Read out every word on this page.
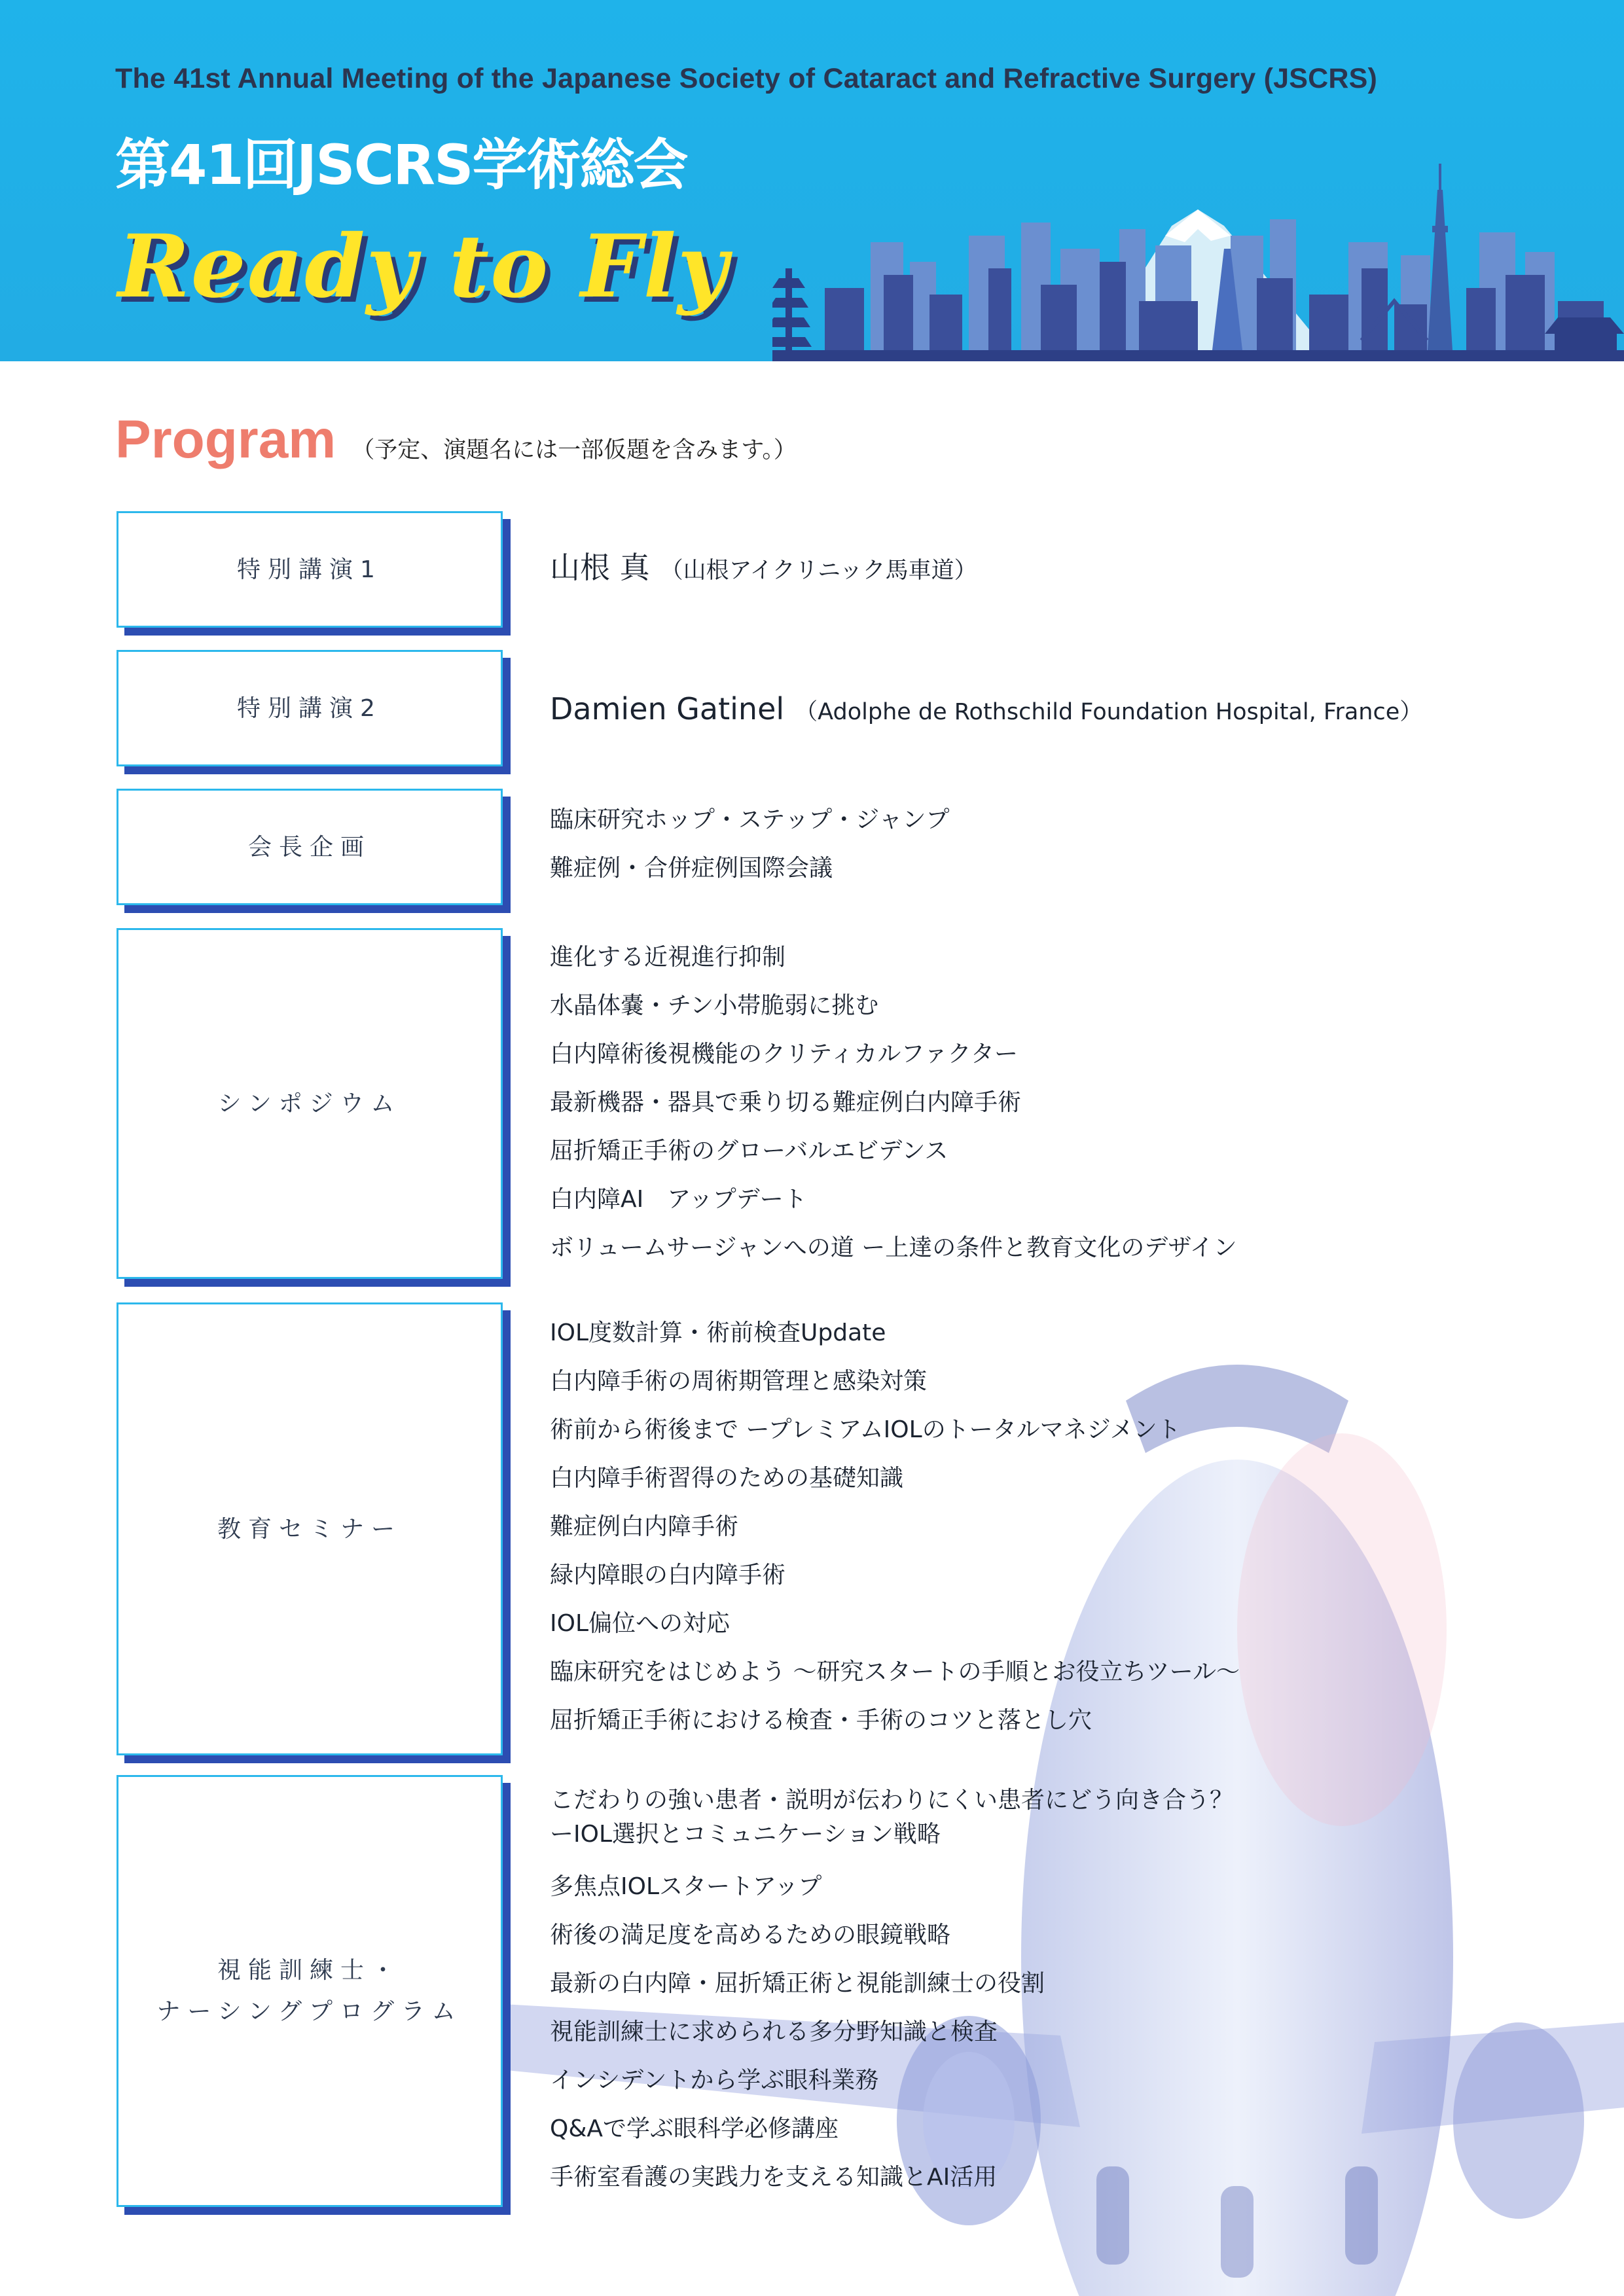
The 41st Annual Meeting of the Japanese Society of Cataract and Refractive Surgery (JSCRS)
第41回JSCRS学術総会
Ready to Fly
Program （予定、演題名には一部仮題を含みます。）
特別講演1
特別講演2
会長企画
シンポジウム
教育セミナー
視能訓練士・
ナーシングプログラム
山根 真 （山根アイクリニック馬車道）
Damien Gatinel （Adolphe de Rothschild Foundation Hospital, France）
臨床研究ホップ・ステップ・ジャンプ
難症例・合併症例国際会議
進化する近視進行抑制
水晶体嚢・チン小帯脆弱に挑む
白内障術後視機能のクリティカルファクター
最新機器・器具で乗り切る難症例白内障手術
屈折矯正手術のグローバルエビデンス
白内障AI　アップデート
ボリュームサージャンへの道 ー上達の条件と教育文化のデザイン
IOL度数計算・術前検査Update
白内障手術の周術期管理と感染対策
術前から術後まで ープレミアムIOLのトータルマネジメント
白内障手術習得のための基礎知識
難症例白内障手術
緑内障眼の白内障手術
IOL偏位への対応
臨床研究をはじめよう 〜研究スタートの手順とお役立ちツール〜
屈折矯正手術における検査・手術のコツと落とし穴
こだわりの強い患者・説明が伝わりにくい患者にどう向き合う？
ーIOL選択とコミュニケーション戦略
多焦点IOLスタートアップ
術後の満足度を高めるための眼鏡戦略
最新の白内障・屈折矯正術と視能訓練士の役割
視能訓練士に求められる多分野知識と検査
インシデントから学ぶ眼科業務
Q&Aで学ぶ眼科学必修講座
手術室看護の実践力を支える知識とAI活用
